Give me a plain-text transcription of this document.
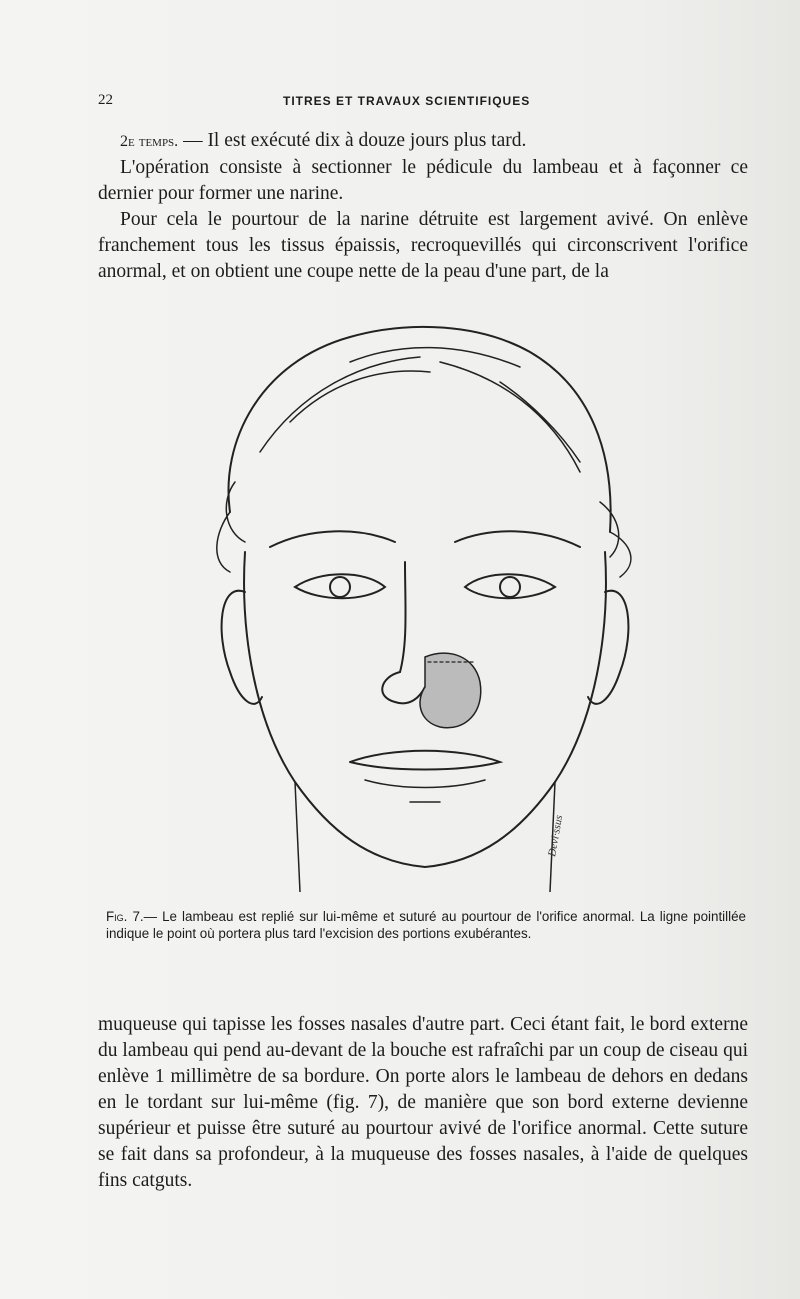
22	TITRES ET TRAVAUX SCIENTIFIQUES

2e temps. — Il est exécuté dix à douze jours plus tard.

L'opération consiste à sectionner le pédicule du lambeau et à façonner ce dernier pour former une narine.

Pour cela le pourtour de la narine détruite est largement avivé. On enlève franchement tous les tissus épaissis, recroquevillés qui circonscrivent l'orifice anormal, et on obtient une coupe nette de la peau d'une part, de la

Devi∙ssus
Fig. 7.— Le lambeau est replié sur lui-même et suturé au pourtour de l'orifice anormal. La ligne pointillée indique le point où portera plus tard l'excision des portions exubérantes.

muqueuse qui tapisse les fosses nasales d'autre part. Ceci étant fait, le bord externe du lambeau qui pend au-devant de la bouche est rafraîchi par un coup de ciseau qui enlève 1 millimètre de sa bordure. On porte alors le lambeau de dehors en dedans en le tordant sur lui-même (fig. 7), de manière que son bord externe devienne supérieur et puisse être suturé au pourtour avivé de l'orifice anormal. Cette suture se fait dans sa profondeur, à la muqueuse des fosses nasales, à l'aide de quelques fins catguts.
